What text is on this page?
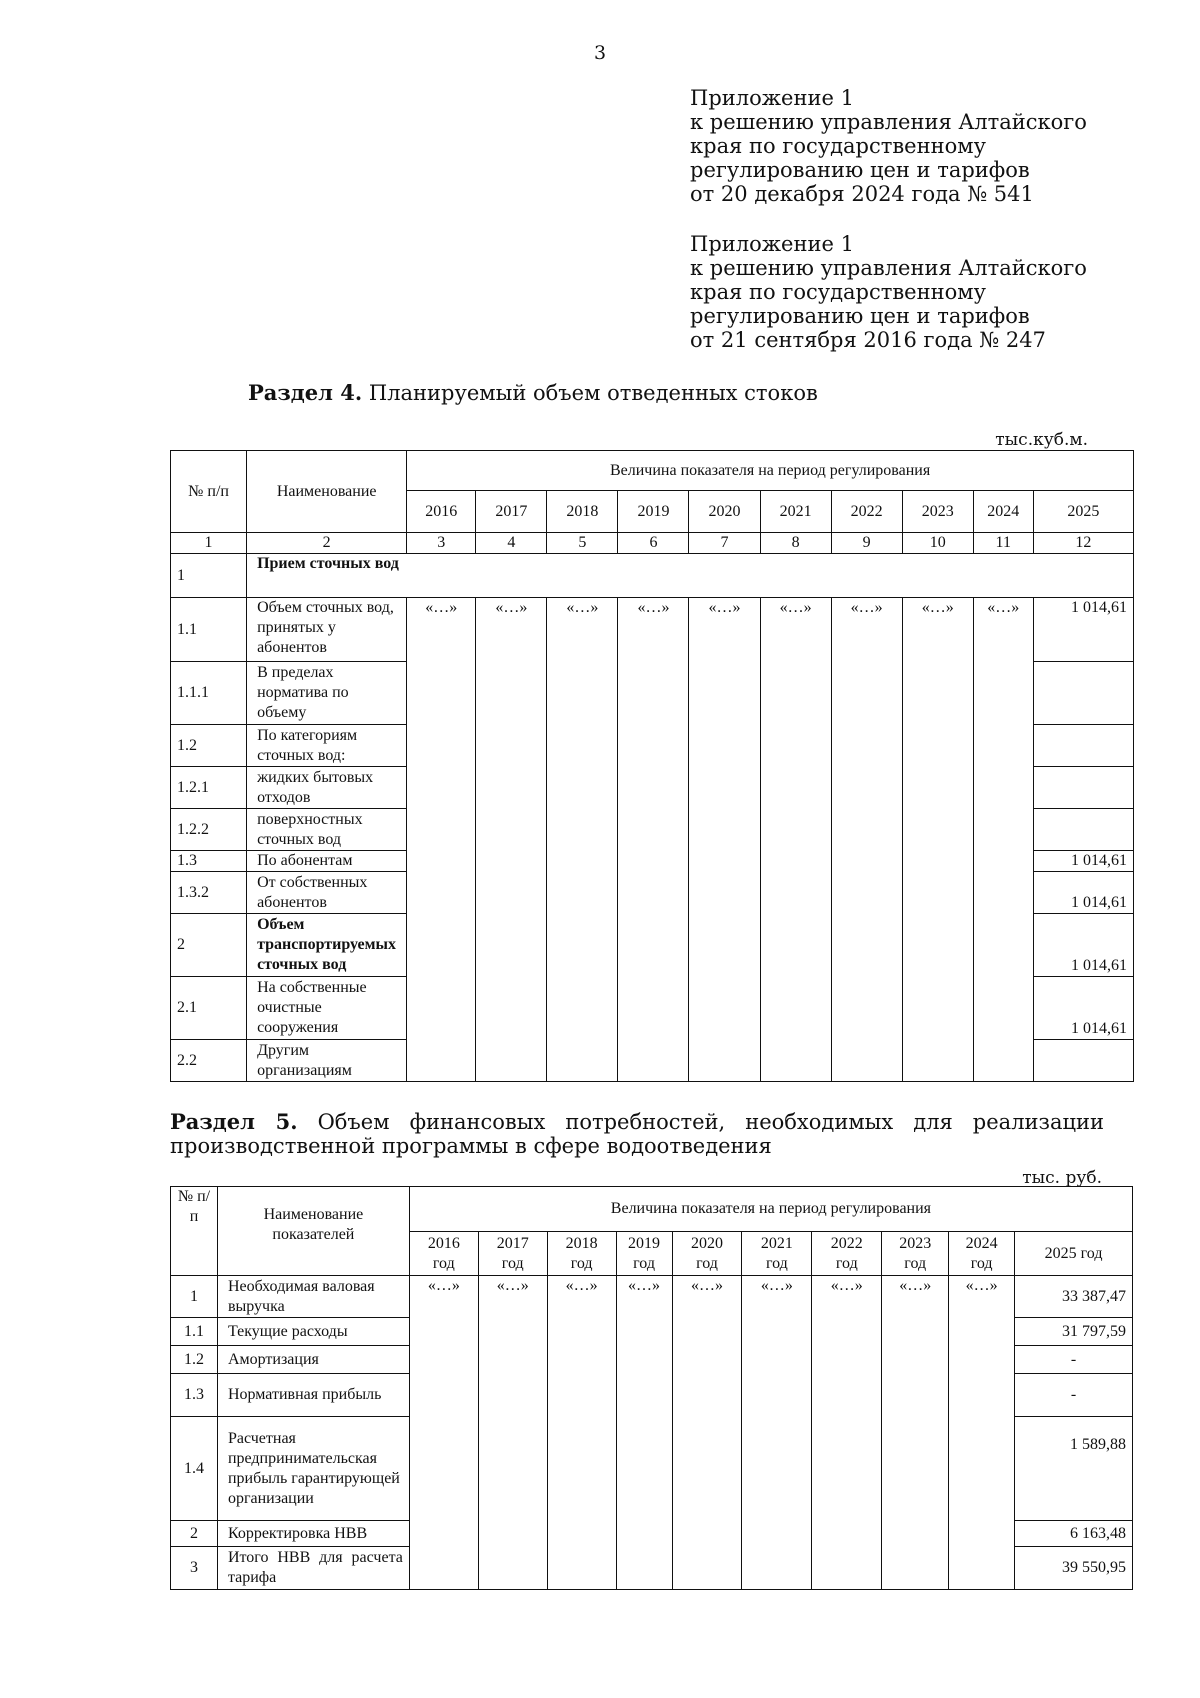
3
Приложение 1
к решению управления Алтайского
края по государственному
регулированию цен и тарифов
от 20 декабря 2024 года № 541
Приложение 1
к решению управления Алтайского
края по государственному
регулированию цен и тарифов
от 21 сентября 2016 года № 247
Раздел 4. Планируемый объем отведенных стоков
тыс.куб.м.
№ п/п	Наименование	Величина показателя на период регулирования									
		2016	2017	2018	2019	2020	2021	2022	2023	2024	2025
1	2	3	4	5	6	7	8	9	10	11	12
1	Прием сточных вод										
1.1	Объем сточных вод, принятых у абонентов	«…»	«…»	«…»	«…»	«…»	«…»	«…»	«…»	«…»	1 014,61
1.1.1	В пределах норматива по объему										
1.2	По категориям сточных вод:										
1.2.1	жидких бытовых отходов										
1.2.2	поверхностных сточных вод										
1.3	По абонентам										1 014,61
1.3.2	От собственных абонентов										1 014,61
2	Объем транспортируемых сточных вод										1 014,61
2.1	На собственные очистные сооружения										1 014,61
2.2	Другим организациям										
Раздел 5. Объем финансовых потребностей, необходимых для реализации производственной программы в сфере водоотведения
тыс. руб.
№ п/п	Наименование показателей	Величина показателя на период регулирования									
		2016 год	2017 год	2018 год	2019 год	2020 год	2021 год	2022 год	2023 год	2024 год	2025 год
1	Необходимая валовая выручка	«…»	«…»	«…»	«…»	«…»	«…»	«…»	«…»	«…»	33 387,47
1.1	Текущие расходы										31 797,59
1.2	Амортизация										-
1.3	Нормативная прибыль										-
1.4	Расчетная предпринимательская прибыль гарантирующей организации										1 589,88
2	Корректировка НВВ										6 163,48
3	Итого НВВ для расчета тарифа										39 550,95
